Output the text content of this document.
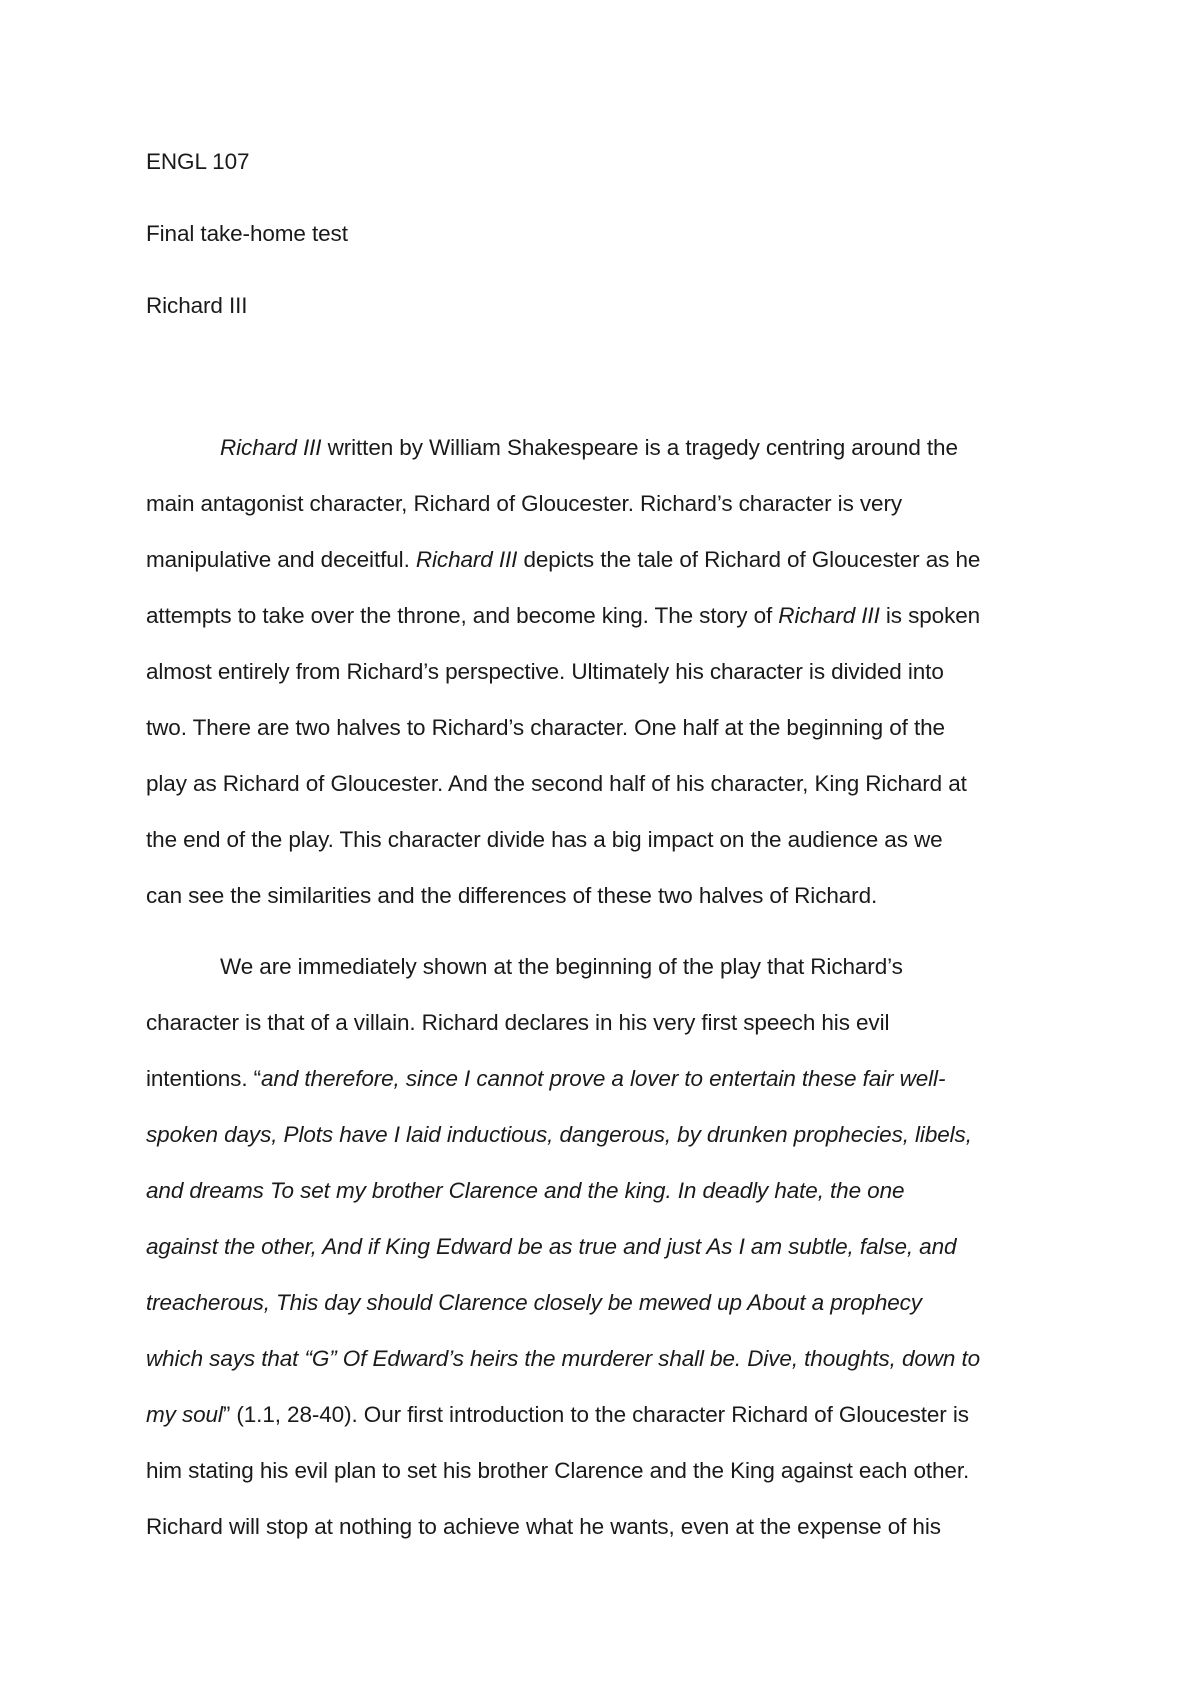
ENGL 107
Final take-home test
Richard III
Richard III written by William Shakespeare is a tragedy centring around the
main antagonist character, Richard of Gloucester. Richard’s character is very
manipulative and deceitful. Richard III depicts the tale of Richard of Gloucester as he
attempts to take over the throne, and become king. The story of Richard III is spoken
almost entirely from Richard’s perspective. Ultimately his character is divided into
two. There are two halves to Richard’s character. One half at the beginning of the
play as Richard of Gloucester. And the second half of his character, King Richard at
the end of the play. This character divide has a big impact on the audience as we
can see the similarities and the differences of these two halves of Richard.
We are immediately shown at the beginning of the play that Richard’s
character is that of a villain. Richard declares in his very first speech his evil
intentions. “and therefore, since I cannot prove a lover to entertain these fair well-
spoken days, Plots have I laid inductious, dangerous, by drunken prophecies, libels,
and dreams To set my brother Clarence and the king. In deadly hate, the one
against the other, And if King Edward be as true and just As I am subtle, false, and
treacherous, This day should Clarence closely be mewed up About a prophecy
which says that “G” Of Edward’s heirs the murderer shall be. Dive, thoughts, down to
my soul” (1.1, 28-40). Our first introduction to the character Richard of Gloucester is
him stating his evil plan to set his brother Clarence and the King against each other.
Richard will stop at nothing to achieve what he wants, even at the expense of his
